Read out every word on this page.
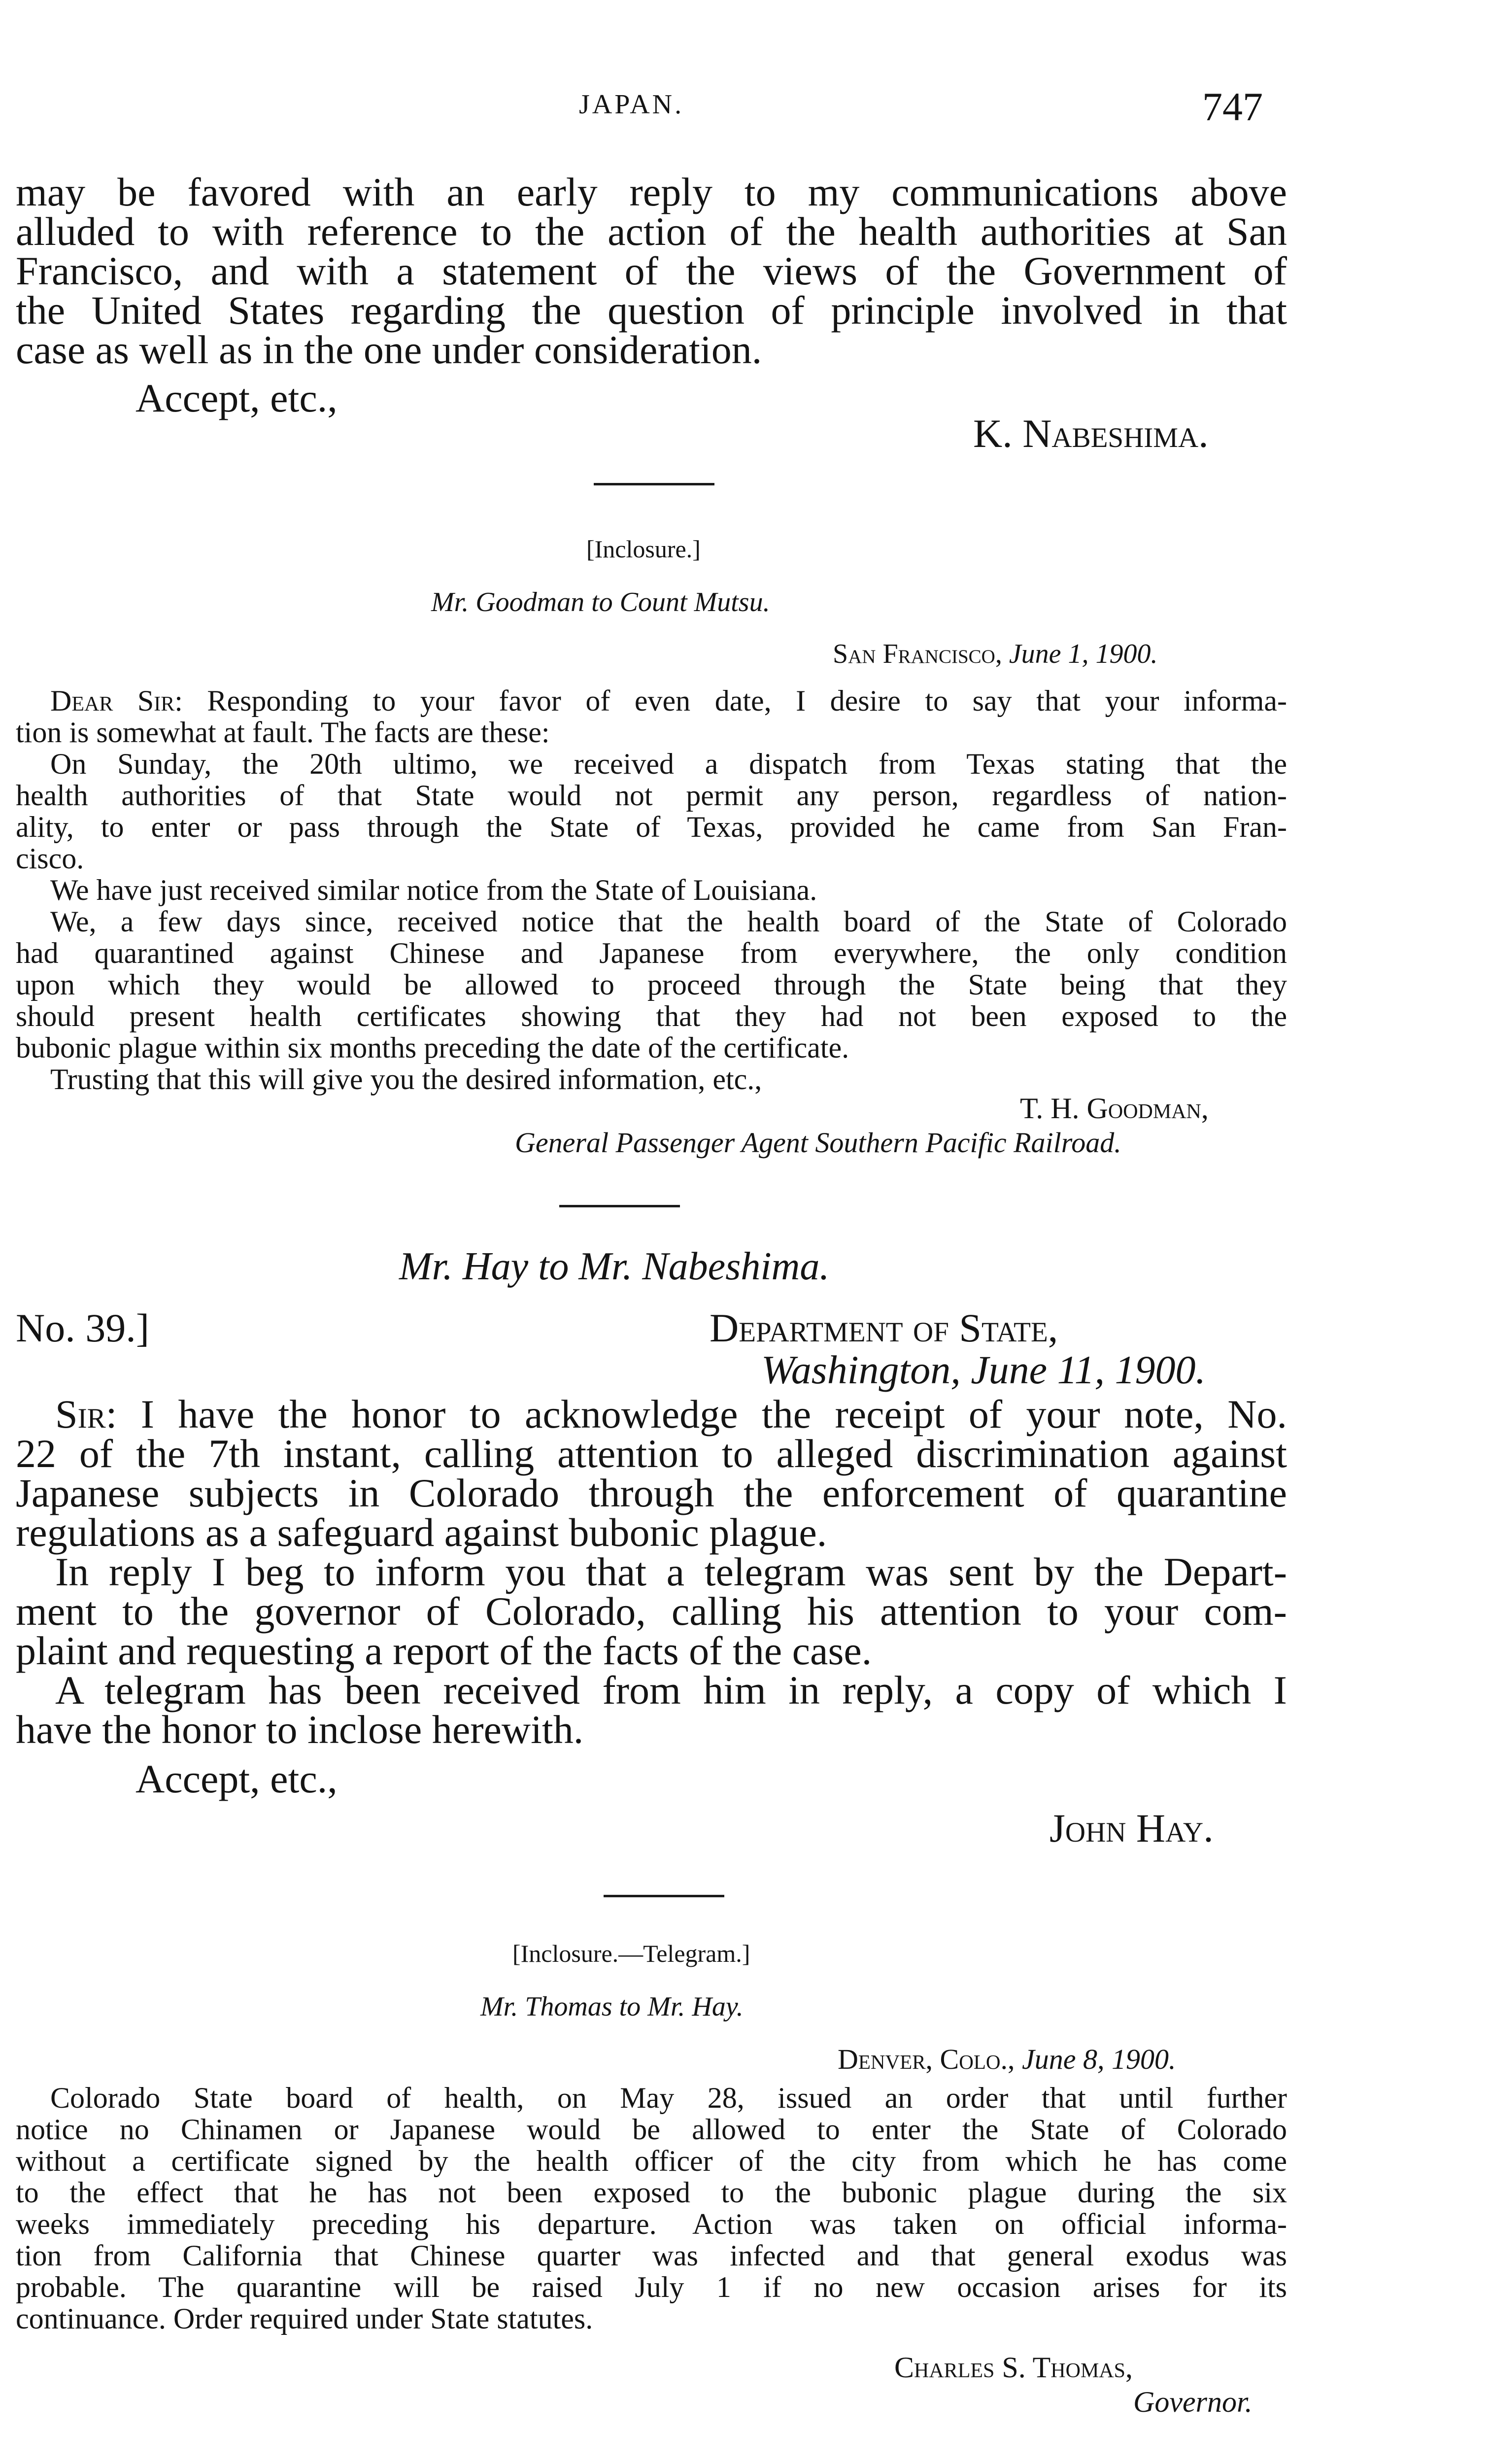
JAPAN.	747
may be favored with an early reply to my communications above
alluded to with reference to the action of the health authorities at San
Francisco, and with a statement of the views of the Government of
the United States regarding the question of principle involved in that
case as well as in the one under consideration.
Accept, etc.,
K. Nabeshima.
[Inclosure.]
Mr. Goodman to Count Mutsu.
San Francisco, June 1, 1900.
Dear Sir: Responding to your favor of even date, I desire to say that your informa-
tion is somewhat at fault. The facts are these:
On Sunday, the 20th ultimo, we received a dispatch from Texas stating that the
health authorities of that State would not permit any person, regardless of nation-
ality, to enter or pass through the State of Texas, provided he came from San Fran-
cisco.
We have just received similar notice from the State of Louisiana.
We, a few days since, received notice that the health board of the State of Colorado
had quarantined against Chinese and Japanese from everywhere, the only condition
upon which they would be allowed to proceed through the State being that they
should present health certificates showing that they had not been exposed to the
bubonic plague within six months preceding the date of the certificate.
Trusting that this will give you the desired information, etc.,
T. H. Goodman,
General Passenger Agent Southern Pacific Railroad.
Mr. Hay to Mr. Nabeshima.
No. 39.]	Department of State,
Washington, June 11, 1900.
Sir: I have the honor to acknowledge the receipt of your note, No.
22 of the 7th instant, calling attention to alleged discrimination against
Japanese subjects in Colorado through the enforcement of quarantine
regulations as a safeguard against bubonic plague.
In reply I beg to inform you that a telegram was sent by the Depart-
ment to the governor of Colorado, calling his attention to your com-
plaint and requesting a report of the facts of the case.
A telegram has been received from him in reply, a copy of which I
have the honor to inclose herewith.
Accept, etc.,
John Hay.
[Inclosure.—Telegram.]
Mr. Thomas to Mr. Hay.
Denver, Colo., June 8, 1900.
Colorado State board of health, on May 28, issued an order that until further
notice no Chinamen or Japanese would be allowed to enter the State of Colorado
without a certificate signed by the health officer of the city from which he has come
to the effect that he has not been exposed to the bubonic plague during the six
weeks immediately preceding his departure. Action was taken on official informa-
tion from California that Chinese quarter was infected and that general exodus was
probable. The quarantine will be raised July 1 if no new occasion arises for its
continuance. Order required under State statutes.
Charles S. Thomas,
Governor.
